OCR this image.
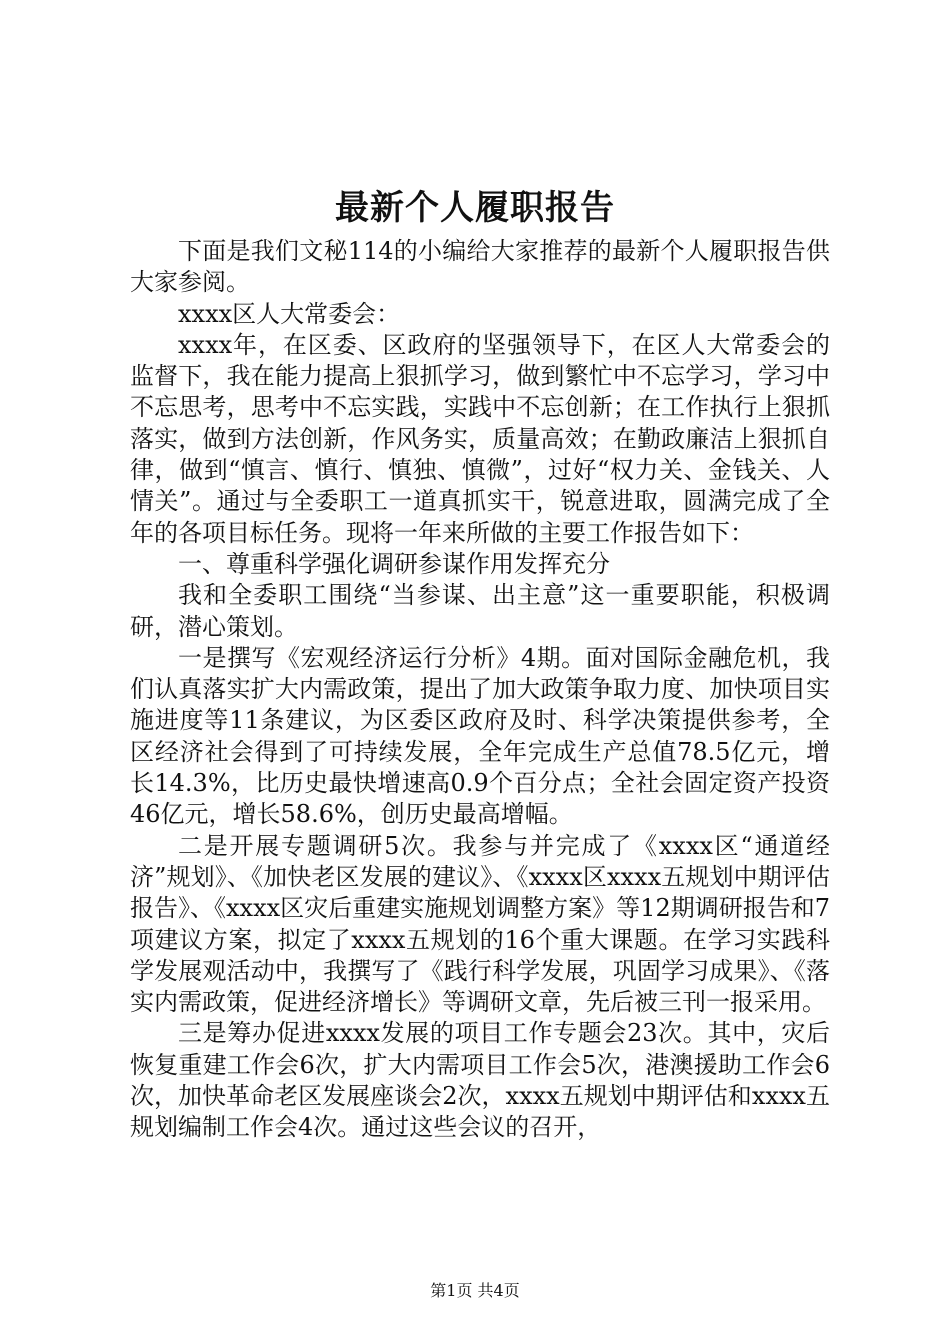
最新个人履职报告

下面是我们文秘114的小编给大家推荐的最新个人履职报告供大家参阅。

xxxx区人大常委会：

xxxx年，在区委、区政府的坚强领导下，在区人大常委会的监督下，我在能力提高上狠抓学习，做到繁忙中不忘学习，学习中不忘思考，思考中不忘实践，实践中不忘创新；在工作执行上狠抓落实，做到方法创新，作风务实，质量高效；在勤政廉洁上狠抓自律，做到“慎言、慎行、慎独、慎微”，过好“权力关、金钱关、人情关”。通过与全委职工一道真抓实干，锐意进取，圆满完成了全年的各项目标任务。现将一年来所做的主要工作报告如下：

一、尊重科学强化调研参谋作用发挥充分

我和全委职工围绕“当参谋、出主意”这一重要职能，积极调研，潜心策划。

一是撰写《宏观经济运行分析》4期。面对国际金融危机，我们认真落实扩大内需政策，提出了加大政策争取力度、加快项目实施进度等11条建议，为区委区政府及时、科学决策提供参考，全区经济社会得到了可持续发展，全年完成生产总值78.5亿元，增长14.3%，比历史最快增速高0.9个百分点；全社会固定资产投资46亿元，增长58.6%，创历史最高增幅。

二是开展专题调研5次。我参与并完成了《xxxx区“通道经济”规划》、《加快老区发展的建议》、《xxxx区xxxx五规划中期评估报告》、《xxxx区灾后重建实施规划调整方案》等12期调研报告和7项建议方案，拟定了xxxx五规划的16个重大课题。在学习实践科学发展观活动中，我撰写了《践行科学发展，巩固学习成果》、《落实内需政策，促进经济增长》等调研文章，先后被三刊一报采用。

三是筹办促进xxxx发展的项目工作专题会23次。其中，灾后恢复重建工作会6次，扩大内需项目工作会5次，港澳援助工作会6次，加快革命老区发展座谈会2次，xxxx五规划中期评估和xxxx五规划编制工作会4次。通过这些会议的召开，

第1页 共4页
